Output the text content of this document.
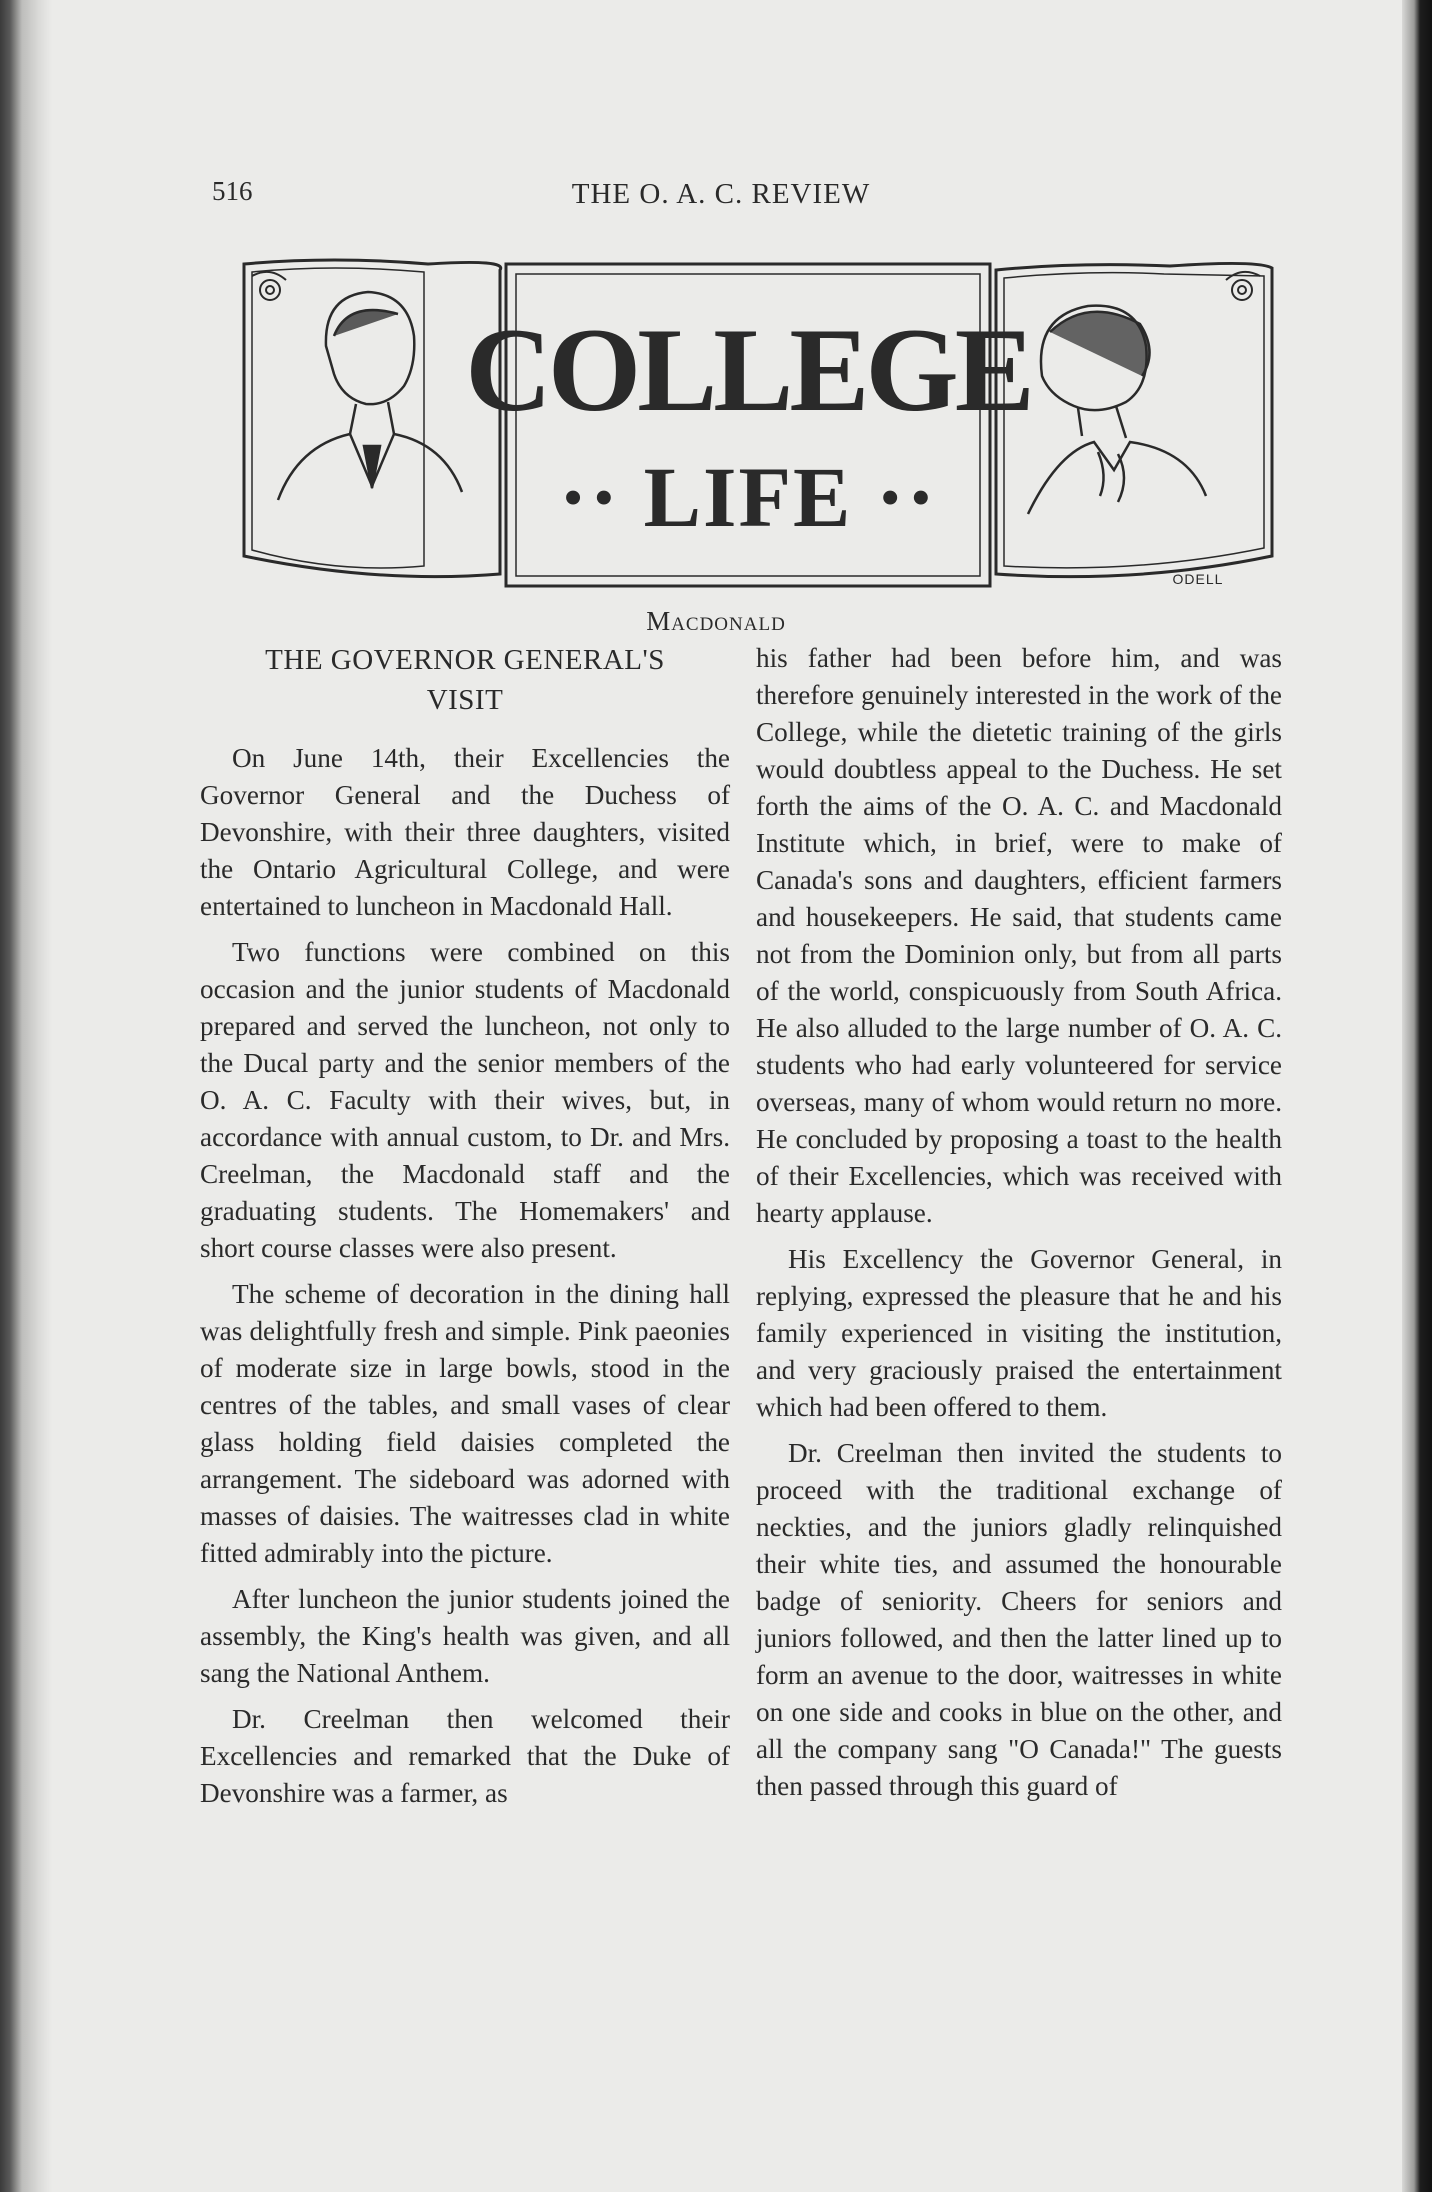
516	THE O. A. C. REVIEW
COLLEGE
·· LIFE ··
ODELL
Macdonald
THE GOVERNOR GENERAL'S
VISIT

On June 14th, their Excellencies the Governor General and the Duchess of Devonshire, with their three daughters, visited the Ontario Agricultural College, and were entertained to luncheon in Macdonald Hall.

Two functions were combined on this occasion and the junior students of Macdonald prepared and served the luncheon, not only to the Ducal party and the senior members of the O. A. C. Faculty with their wives, but, in accordance with annual custom, to Dr. and Mrs. Creelman, the Macdonald staff and the graduating students. The Homemakers' and short course classes were also present.

The scheme of decoration in the dining hall was delightfully fresh and simple. Pink paeonies of moderate size in large bowls, stood in the centres of the tables, and small vases of clear glass holding field daisies completed the arrangement. The sideboard was adorned with masses of daisies. The waitresses clad in white fitted admirably into the picture.

After luncheon the junior students joined the assembly, the King's health was given, and all sang the National Anthem.

Dr. Creelman then welcomed their Excellencies and remarked that the Duke of Devonshire was a farmer, as

his father had been before him, and was therefore genuinely interested in the work of the College, while the dietetic training of the girls would doubtless appeal to the Duchess. He set forth the aims of the O. A. C. and Macdonald Institute which, in brief, were to make of Canada's sons and daughters, efficient farmers and housekeepers. He said, that students came not from the Dominion only, but from all parts of the world, conspicuously from South Africa. He also alluded to the large number of O. A. C. students who had early volunteered for service overseas, many of whom would return no more. He concluded by proposing a toast to the health of their Excellencies, which was received with hearty applause.

His Excellency the Governor General, in replying, expressed the pleasure that he and his family experienced in visiting the institution, and very graciously praised the entertainment which had been offered to them.

Dr. Creelman then invited the students to proceed with the traditional exchange of neckties, and the juniors gladly relinquished their white ties, and assumed the honourable badge of seniority. Cheers for seniors and juniors followed, and then the latter lined up to form an avenue to the door, waitresses in white on one side and cooks in blue on the other, and all the company sang "O Canada!" The guests then passed through this guard of
